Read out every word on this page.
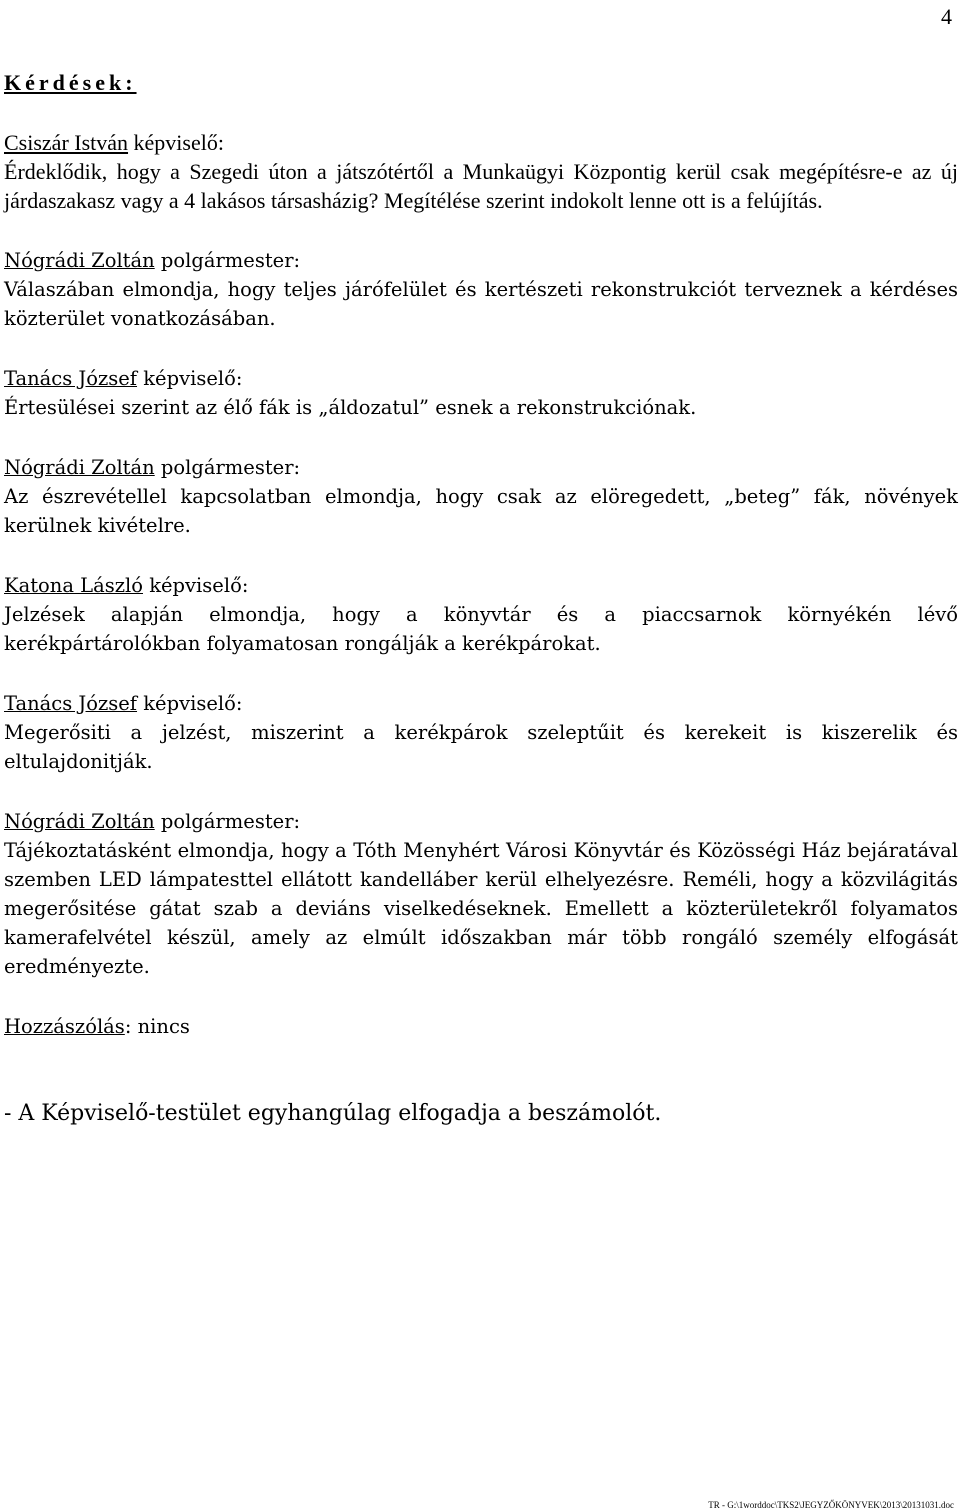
4
Kérdések:
Csiszár István képviselő:

Érdeklődik, hogy a Szegedi úton a játszótértől a Munkaügyi Központig kerül csak megépítésre-e az új járdaszakasz vagy a 4 lakásos társasházig? Megítélése szerint indokolt lenne ott is a felújítás.

Nógrádi Zoltán polgármester:

Válaszában elmondja, hogy teljes járófelület és kertészeti rekonstrukciót terveznek a kérdéses közterület vonatkozásában.

Tanács József képviselő:

Értesülései szerint az élő fák is „áldozatul” esnek a rekonstrukciónak.

Nógrádi Zoltán polgármester:

Az észrevétellel kapcsolatban elmondja, hogy csak az elöregedett, „beteg” fák, növények kerülnek kivételre.

Katona László képviselő:

Jelzések alapján elmondja, hogy a könyvtár és a piaccsarnok környékén lévő kerékpártárolókban folyamatosan rongálják a kerékpárokat.

Tanács József képviselő:

Megerősiti a jelzést, miszerint a kerékpárok szeleptűit és kerekeit is kiszerelik és eltulajdonitják.

Nógrádi Zoltán polgármester:

Tájékoztatásként elmondja, hogy a Tóth Menyhért Városi Könyvtár és Közösségi Ház bejáratával szemben LED lámpatesttel ellátott kandelláber kerül elhelyezésre. Reméli, hogy a közvilágitás megerősitése gátat szab a deviáns viselkedéseknek. Emellett a közterületekről folyamatos kamerafelvétel készül, amely az elmúlt időszakban már több rongáló személy elfogását eredményezte.

Hozzászólás: nincs
- A Képviselő-testület egyhangúlag elfogadja a beszámolót.
TR - G:\1worddoc\TKS2\JEGYZŐKÖNYVEK\2013\20131031.doc
